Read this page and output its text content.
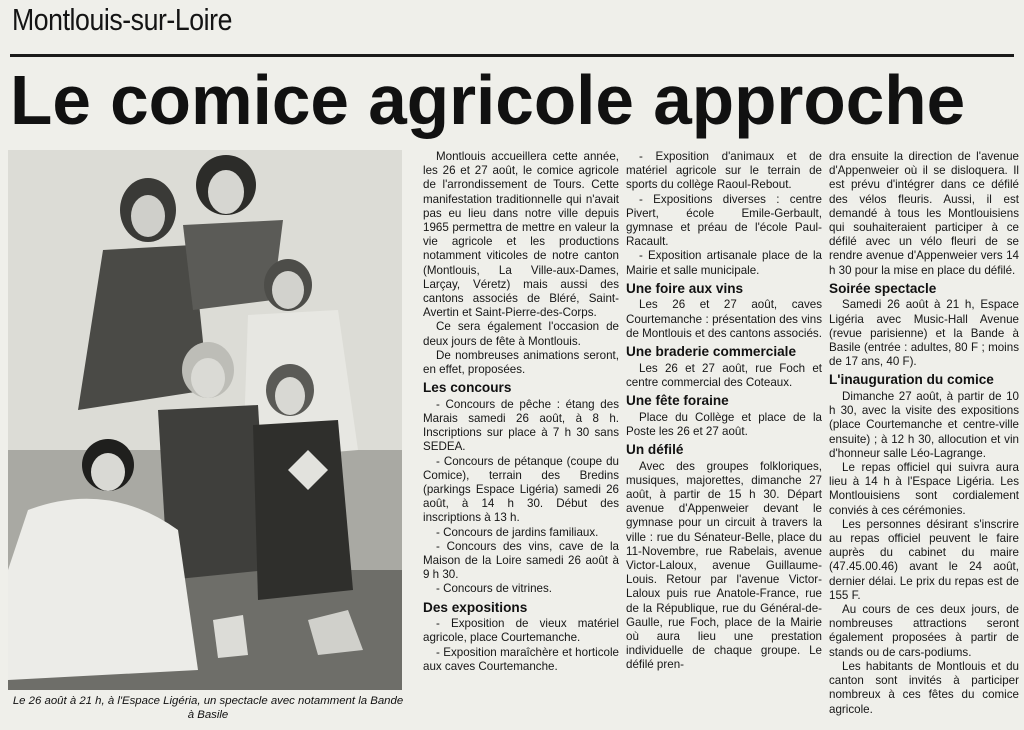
Montlouis-sur-Loire
Le comice agricole approche
Le 26 août à 21 h, à l'Espace Ligéria, un spectacle avec notamment la Bande à Basile

Montlouis accueillera cette année, les 26 et 27 août, le comice agricole de l'arrondissement de Tours. Cette manifestation traditionnelle qui n'avait pas eu lieu dans notre ville depuis 1965 permettra de mettre en valeur la vie agricole et les productions notamment viticoles de notre canton (Montlouis, La Ville-aux-Dames, Larçay, Véretz) mais aussi des cantons associés de Bléré, Saint-Avertin et Saint-Pierre-des-Corps.

Ce sera également l'occasion de deux jours de fête à Montlouis.

De nombreuses animations seront, en effet, proposées.

Les concours

- Concours de pêche : étang des Marais samedi 26 août, à 8 h. Inscriptions sur place à 7 h 30 sans SEDEA.

- Concours de pétanque (coupe du Comice), terrain des Bredins (parkings Espace Ligéria) samedi 26 août, à 14 h 30. Début des inscriptions à 13 h.

- Concours de jardins familiaux.

- Concours des vins, cave de la Maison de la Loire samedi 26 août à 9 h 30.

- Concours de vitrines.

Des expositions

- Exposition de vieux matériel agricole, place Courtemanche.

- Exposition maraîchère et horticole aux caves Courtemanche.

- Exposition d'animaux et de matériel agricole sur le terrain de sports du collège Raoul-Rebout.

- Expositions diverses : centre Pivert, école Emile-Gerbault, gymnase et préau de l'école Paul-Racault.

- Exposition artisanale place de la Mairie et salle municipale.

Une foire aux vins

Les 26 et 27 août, caves Courtemanche : présentation des vins de Montlouis et des cantons associés.

Une braderie commerciale

Les 26 et 27 août, rue Foch et centre commercial des Coteaux.

Une fête foraine

Place du Collège et place de la Poste les 26 et 27 août.

Un défilé

Avec des groupes folkloriques, musiques, majorettes, dimanche 27 août, à partir de 15 h 30. Départ avenue d'Appenweier devant le gymnase pour un circuit à travers la ville : rue du Sénateur-Belle, place du 11-Novembre, rue Rabelais, avenue Victor-Laloux, avenue Guillaume-Louis. Retour par l'avenue Victor-Laloux puis rue Anatole-France, rue de la République, rue du Général-de-Gaulle, rue Foch, place de la Mairie où aura lieu une prestation individuelle de chaque groupe. Le défilé pren-

dra ensuite la direction de l'avenue d'Appenweier où il se disloquera. Il est prévu d'intégrer dans ce défilé des vélos fleuris. Aussi, il est demandé à tous les Montlouisiens qui souhaiteraient participer à ce défilé avec un vélo fleuri de se rendre avenue d'Appenweier vers 14 h 30 pour la mise en place du défilé.

Soirée spectacle

Samedi 26 août à 21 h, Espace Ligéria avec Music-Hall Avenue (revue parisienne) et la Bande à Basile (entrée : adultes, 80 F ; moins de 17 ans, 40 F).

L'inauguration du comice

Dimanche 27 août, à partir de 10 h 30, avec la visite des expositions (place Courtemanche et centre-ville ensuite) ; à 12 h 30, allocution et vin d'honneur salle Léo-Lagrange.

Le repas officiel qui suivra aura lieu à 14 h à l'Espace Ligéria. Les Montlouisiens sont cordialement conviés à ces cérémonies.

Les personnes désirant s'inscrire au repas officiel peuvent le faire auprès du cabinet du maire (47.45.00.46) avant le 24 août, dernier délai. Le prix du repas est de 155 F.

Au cours de ces deux jours, de nombreuses attractions seront également proposées à partir de stands ou de cars-podiums.

Les habitants de Montlouis et du canton sont invités à participer nombreux à ces fêtes du comice agricole.
